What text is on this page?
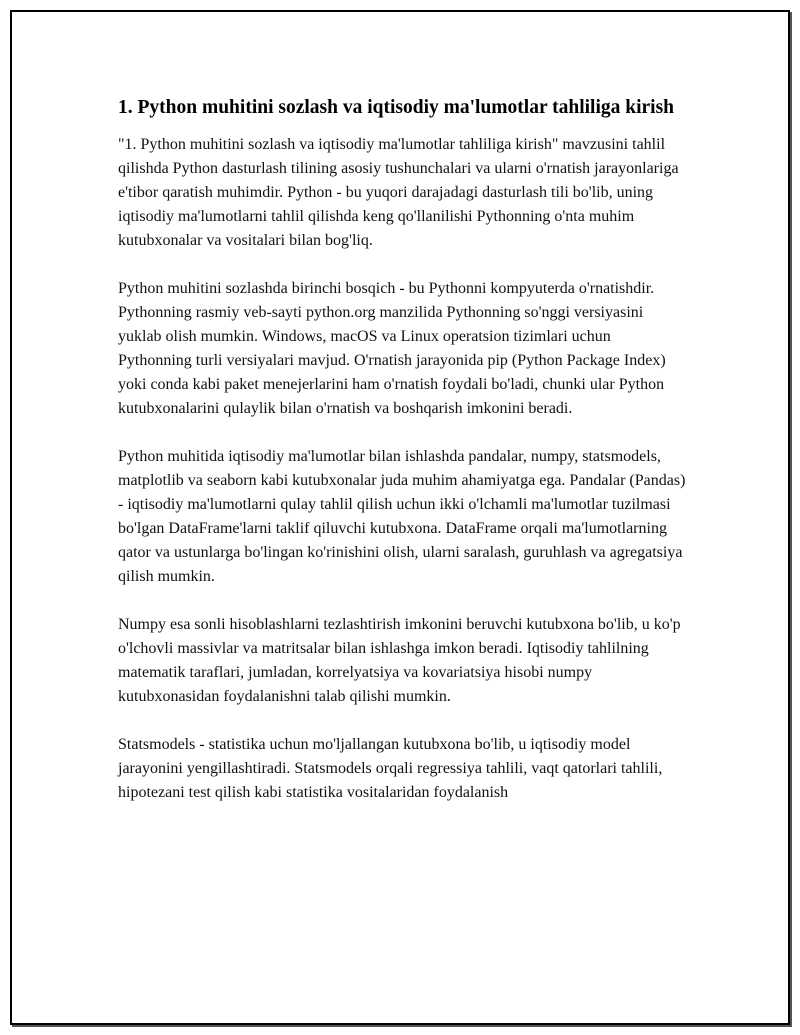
1. Python muhitini sozlash va iqtisodiy ma'lumotlar tahliliga kirish

"1. Python muhitini sozlash va iqtisodiy ma'lumotlar tahliliga kirish" mavzusini tahlil qilishda Python dasturlash tilining asosiy tushunchalari va ularni o'rnatish jarayonlariga e'tibor qaratish muhimdir. Python - bu yuqori darajadagi dasturlash tili bo'lib, uning iqtisodiy ma'lumotlarni tahlil qilishda keng qo'llanilishi Pythonning o'nta muhim kutubxonalar va vositalari bilan bog'liq.

Python muhitini sozlashda birinchi bosqich - bu Pythonni kompyuterda o'rnatishdir. Pythonning rasmiy veb-sayti python.org manzilida Pythonning so'nggi versiyasini yuklab olish mumkin. Windows, macOS va Linux operatsion tizimlari uchun Pythonning turli versiyalari mavjud. O'rnatish jarayonida pip (Python Package Index) yoki conda kabi paket menejerlarini ham o'rnatish foydali bo'ladi, chunki ular Python kutubxonalarini qulaylik bilan o'rnatish va boshqarish imkonini beradi.

Python muhitida iqtisodiy ma'lumotlar bilan ishlashda pandalar, numpy, statsmodels, matplotlib va seaborn kabi kutubxonalar juda muhim ahamiyatga ega. Pandalar (Pandas) - iqtisodiy ma'lumotlarni qulay tahlil qilish uchun ikki o'lchamli ma'lumotlar tuzilmasi bo'lgan DataFrame'larni taklif qiluvchi kutubxona. DataFrame orqali ma'lumotlarning qator va ustunlarga bo'lingan ko'rinishini olish, ularni saralash, guruhlash va agregatsiya qilish mumkin.

Numpy esa sonli hisoblashlarni tezlashtirish imkonini beruvchi kutubxona bo'lib, u ko'p o'lchovli massivlar va matritsalar bilan ishlashga imkon beradi. Iqtisodiy tahlilning matematik taraflari, jumladan, korrelyatsiya va kovariatsiya hisobi numpy kutubxonasidan foydalanishni talab qilishi mumkin.

Statsmodels - statistika uchun mo'ljallangan kutubxona bo'lib, u iqtisodiy model jarayonini yengillashtiradi. Statsmodels orqali regressiya tahlili, vaqt qatorlari tahlili, hipotezani test qilish kabi statistika vositalaridan foydalanish
